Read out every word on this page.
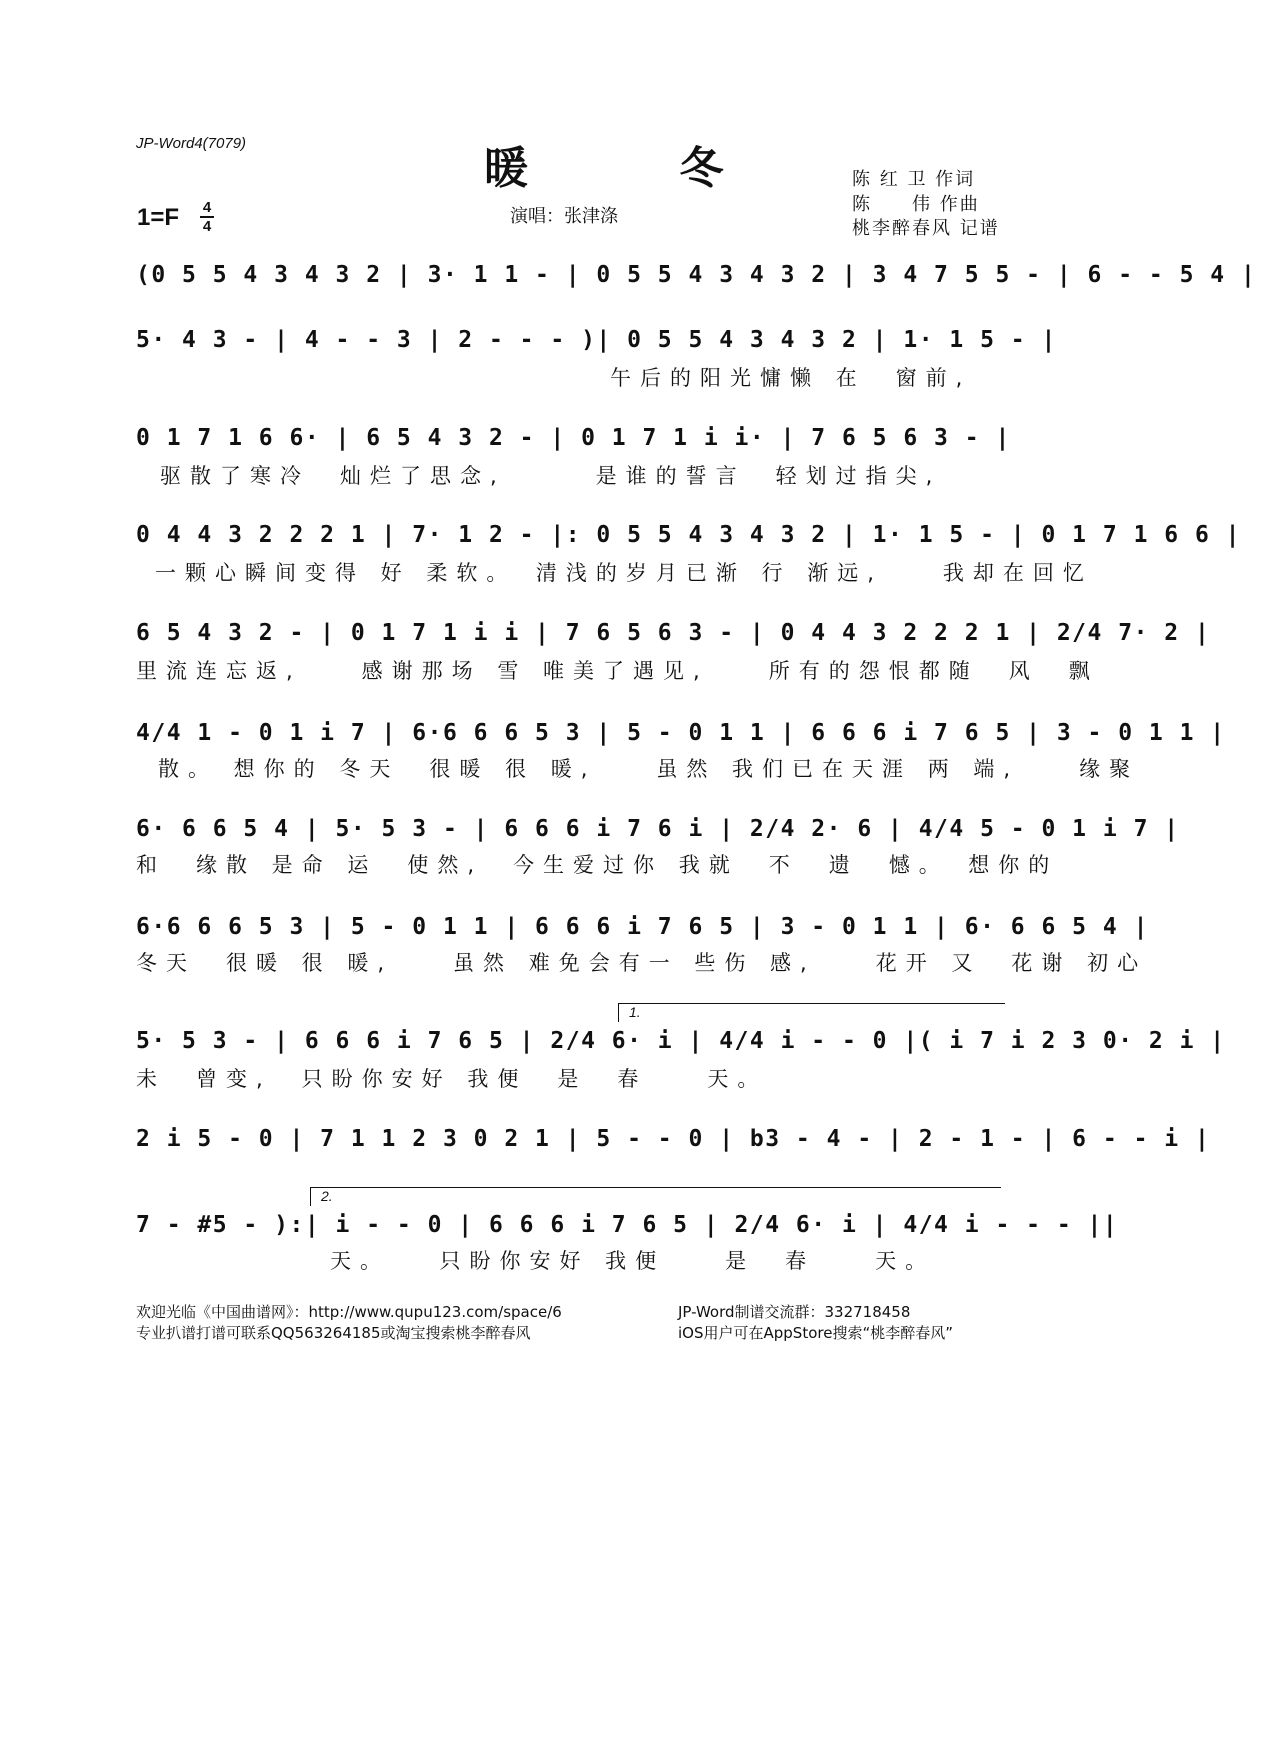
JP-Word4(7079)	暖 冬
1=F 4
4	演唱：张津涤
陈 红 卫 作词
陈　　伟 作曲
桃李醉春风 记谱
(0 5 5 4 3 4 3 2 | 3· 1 1 - | 0 5 5 4 3 4 3 2 | 3 4 7 5 5 - | 6 - - 5 4 |
5· 4 3 - | 4 - - 3 | 2 - - - )| 0 5 5 4 3 4 3 2 | 1· 1 5 - |
午后的阳光慵懒 在　窗前,
0 1 7 1 6 6· | 6 5 4 3 2 - | 0 1 7 1 i i· | 7 6 5 6 3 - |
驱散了寒冷　灿烂了思念,　　　是谁的誓言　轻划过指尖,
0 4 4 3 2 2 2 1 | 7· 1 2 - |: 0 5 5 4 3 4 3 2 | 1· 1 5 - | 0 1 7 1 6 6 |
一颗心瞬间变得 好 柔软。　清浅的岁月已渐 行 渐远,　　我却在回忆
6 5 4 3 2 - | 0 1 7 1 i i | 7 6 5 6 3 - | 0 4 4 3 2 2 2 1 | 2/4 7· 2 |
里流连忘返,　　感谢那场 雪 唯美了遇见,　　所有的怨恨都随　风　飘
4/4 1 - 0 1 i 7 | 6·6 6 6 5 3 | 5 - 0 1 1 | 6 6 6 i 7 6 5 | 3 - 0 1 1 |
散。 想你的 冬天　很暖 很 暖,　　虽然 我们已在天涯 两 端,　　缘聚
6· 6 6 5 4 | 5· 5 3 - | 6 6 6 i 7 6 i | 2/4 2· 6 | 4/4 5 - 0 1 i 7 |
和　缘散 是命 运　使然,　今生爱过你 我就　不　遗　憾。　想你的
6·6 6 6 5 3 | 5 - 0 1 1 | 6 6 6 i 7 6 5 | 3 - 0 1 1 | 6· 6 6 5 4 |
冬天　很暖 很 暖,　　虽然 难免会有一 些伤 感,　　花开 又　花谢 初心
1.
5· 5 3 - | 6 6 6 i 7 6 5 | 2/4 6· i | 4/4 i - - 0 |( i 7 i 2 3 0· 2 i |
未　曾变,　只盼你安好 我便　是　春　　天。
2 i 5 - 0 | 7 1 1 2 3 0 2 1 | 5 - - 0 | b3 - 4 - | 2 - 1 - | 6 - - i |
2.
7 - #5 - ):| i - - 0 | 6 6 6 i 7 6 5 | 2/4 6· i | 4/4 i - - - ||
天。　　只盼你安好 我便　　是　春　　天。
欢迎光临《中国曲谱网》：http://www.qupu123.com/space/6
专业扒谱打谱可联系QQ563264185或淘宝搜索桃李醉春风
JP-Word制谱交流群：332718458
iOS用户可在AppStore搜索“桃李醉春风”
